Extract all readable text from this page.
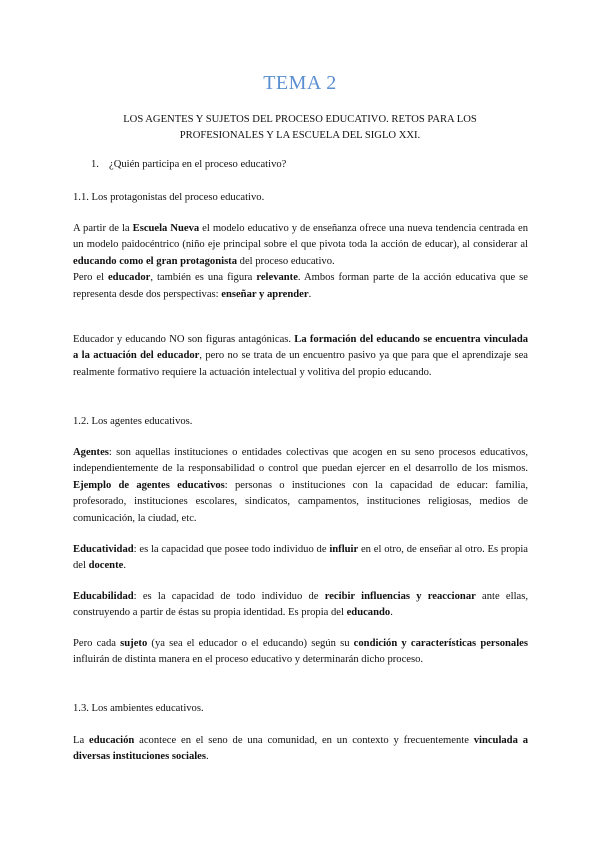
TEMA 2
LOS AGENTES Y SUJETOS DEL PROCESO EDUCATIVO. RETOS PARA LOS PROFESIONALES Y LA ESCUELA DEL SIGLO XXI.
1. ¿Quién participa en el proceso educativo?
1.1. Los protagonistas del proceso educativo.

A partir de la Escuela Nueva el modelo educativo y de enseñanza ofrece una nueva tendencia centrada en un modelo paidocéntrico (niño eje principal sobre el que pivota toda la acción de educar), al considerar al educando como el gran protagonista del proceso educativo.

Pero el educador, también es una figura relevante. Ambos forman parte de la acción educativa que se representa desde dos perspectivas: enseñar y aprender.

Educador y educando NO son figuras antagónicas. La formación del educando se encuentra vinculada a la actuación del educador, pero no se trata de un encuentro pasivo ya que para que el aprendizaje sea realmente formativo requiere la actuación intelectual y volitiva del propio educando.

1.2. Los agentes educativos.

Agentes: son aquellas instituciones o entidades colectivas que acogen en su seno procesos educativos, independientemente de la responsabilidad o control que puedan ejercer en el desarrollo de los mismos. Ejemplo de agentes educativos: personas o instituciones con la capacidad de educar: familia, profesorado, instituciones escolares, sindicatos, campamentos, instituciones religiosas, medios de comunicación, la ciudad, etc.

Educatividad: es la capacidad que posee todo individuo de influir en el otro, de enseñar al otro. Es propia del docente.

Educabilidad: es la capacidad de todo individuo de recibir influencias y reaccionar ante ellas, construyendo a partir de éstas su propia identidad. Es propia del educando.

Pero cada sujeto (ya sea el educador o el educando) según su condición y características personales influirán de distinta manera en el proceso educativo y determinarán dicho proceso.

1.3. Los ambientes educativos.

La educación acontece en el seno de una comunidad, en un contexto y frecuentemente vinculada a diversas instituciones sociales.
